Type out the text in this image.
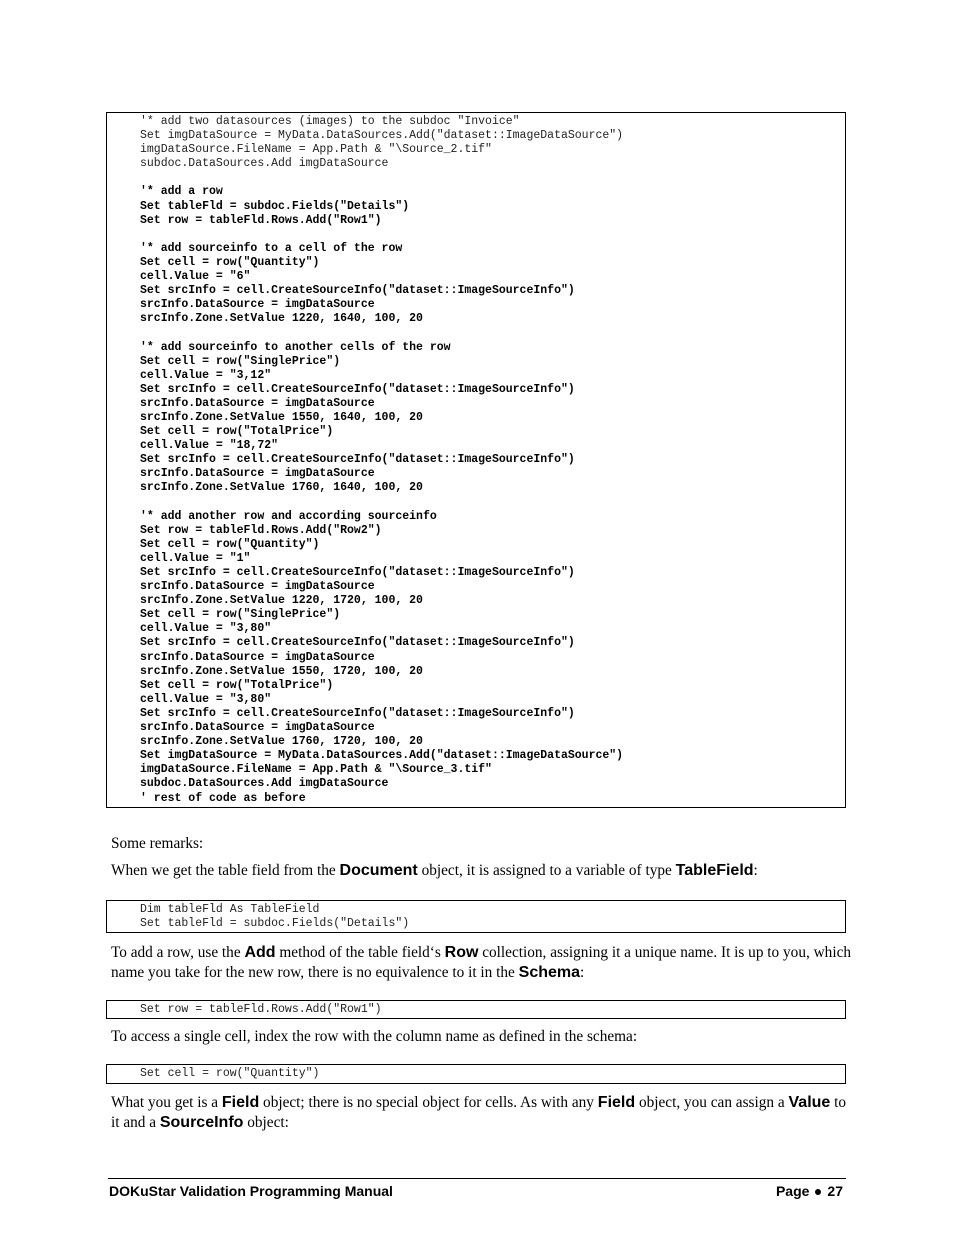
'* add two datasources (images) to the subdoc "Invoice"
Set imgDataSource = MyData.DataSources.Add("dataset::ImageDataSource")
imgDataSource.FileName = App.Path & "\Source_2.tif"
subdoc.DataSources.Add imgDataSource
'* add a row
Set tableFld = subdoc.Fields("Details")
Set row = tableFld.Rows.Add("Row1")
'* add sourceinfo to a cell of the row
Set cell = row("Quantity")
cell.Value = "6"
Set srcInfo = cell.CreateSourceInfo("dataset::ImageSourceInfo")
srcInfo.DataSource = imgDataSource
srcInfo.Zone.SetValue 1220, 1640, 100, 20
'* add sourceinfo to another cells of the row
Set cell = row("SinglePrice")
cell.Value = "3,12"
Set srcInfo = cell.CreateSourceInfo("dataset::ImageSourceInfo")
srcInfo.DataSource = imgDataSource
srcInfo.Zone.SetValue 1550, 1640, 100, 20
Set cell = row("TotalPrice")
cell.Value = "18,72"
Set srcInfo = cell.CreateSourceInfo("dataset::ImageSourceInfo")
srcInfo.DataSource = imgDataSource
srcInfo.Zone.SetValue 1760, 1640, 100, 20
'* add another row and according sourceinfo
Set row = tableFld.Rows.Add("Row2")
Set cell = row("Quantity")
cell.Value = "1"
Set srcInfo = cell.CreateSourceInfo("dataset::ImageSourceInfo")
srcInfo.DataSource = imgDataSource
srcInfo.Zone.SetValue 1220, 1720, 100, 20
Set cell = row("SinglePrice")
cell.Value = "3,80"
Set srcInfo = cell.CreateSourceInfo("dataset::ImageSourceInfo")
srcInfo.DataSource = imgDataSource
srcInfo.Zone.SetValue 1550, 1720, 100, 20
Set cell = row("TotalPrice")
cell.Value = "3,80"
Set srcInfo = cell.CreateSourceInfo("dataset::ImageSourceInfo")
srcInfo.DataSource = imgDataSource
srcInfo.Zone.SetValue 1760, 1720, 100, 20
Set imgDataSource = MyData.DataSources.Add("dataset::ImageDataSource")
imgDataSource.FileName = App.Path & "\Source_3.tif"
subdoc.DataSources.Add imgDataSource
' rest of code as before
Some remarks:
When we get the table field from the Document object, it is assigned to a variable of type TableField:
Dim tableFld As TableField
Set tableFld = subdoc.Fields("Details")
To add a row, use the Add method of the table field‘s Row collection, assigning it a unique name. It is up to you, which name you take for the new row, there is no equivalence to it in the Schema:
Set row = tableFld.Rows.Add("Row1")
To access a single cell, index the row with the column name as defined in the schema:
Set cell = row("Quantity")
What you get is a Field object; there is no special object for cells. As with any Field object, you can assign a Value to it and a SourceInfo object:
DOKuStar Validation Programming Manual	Page 27
